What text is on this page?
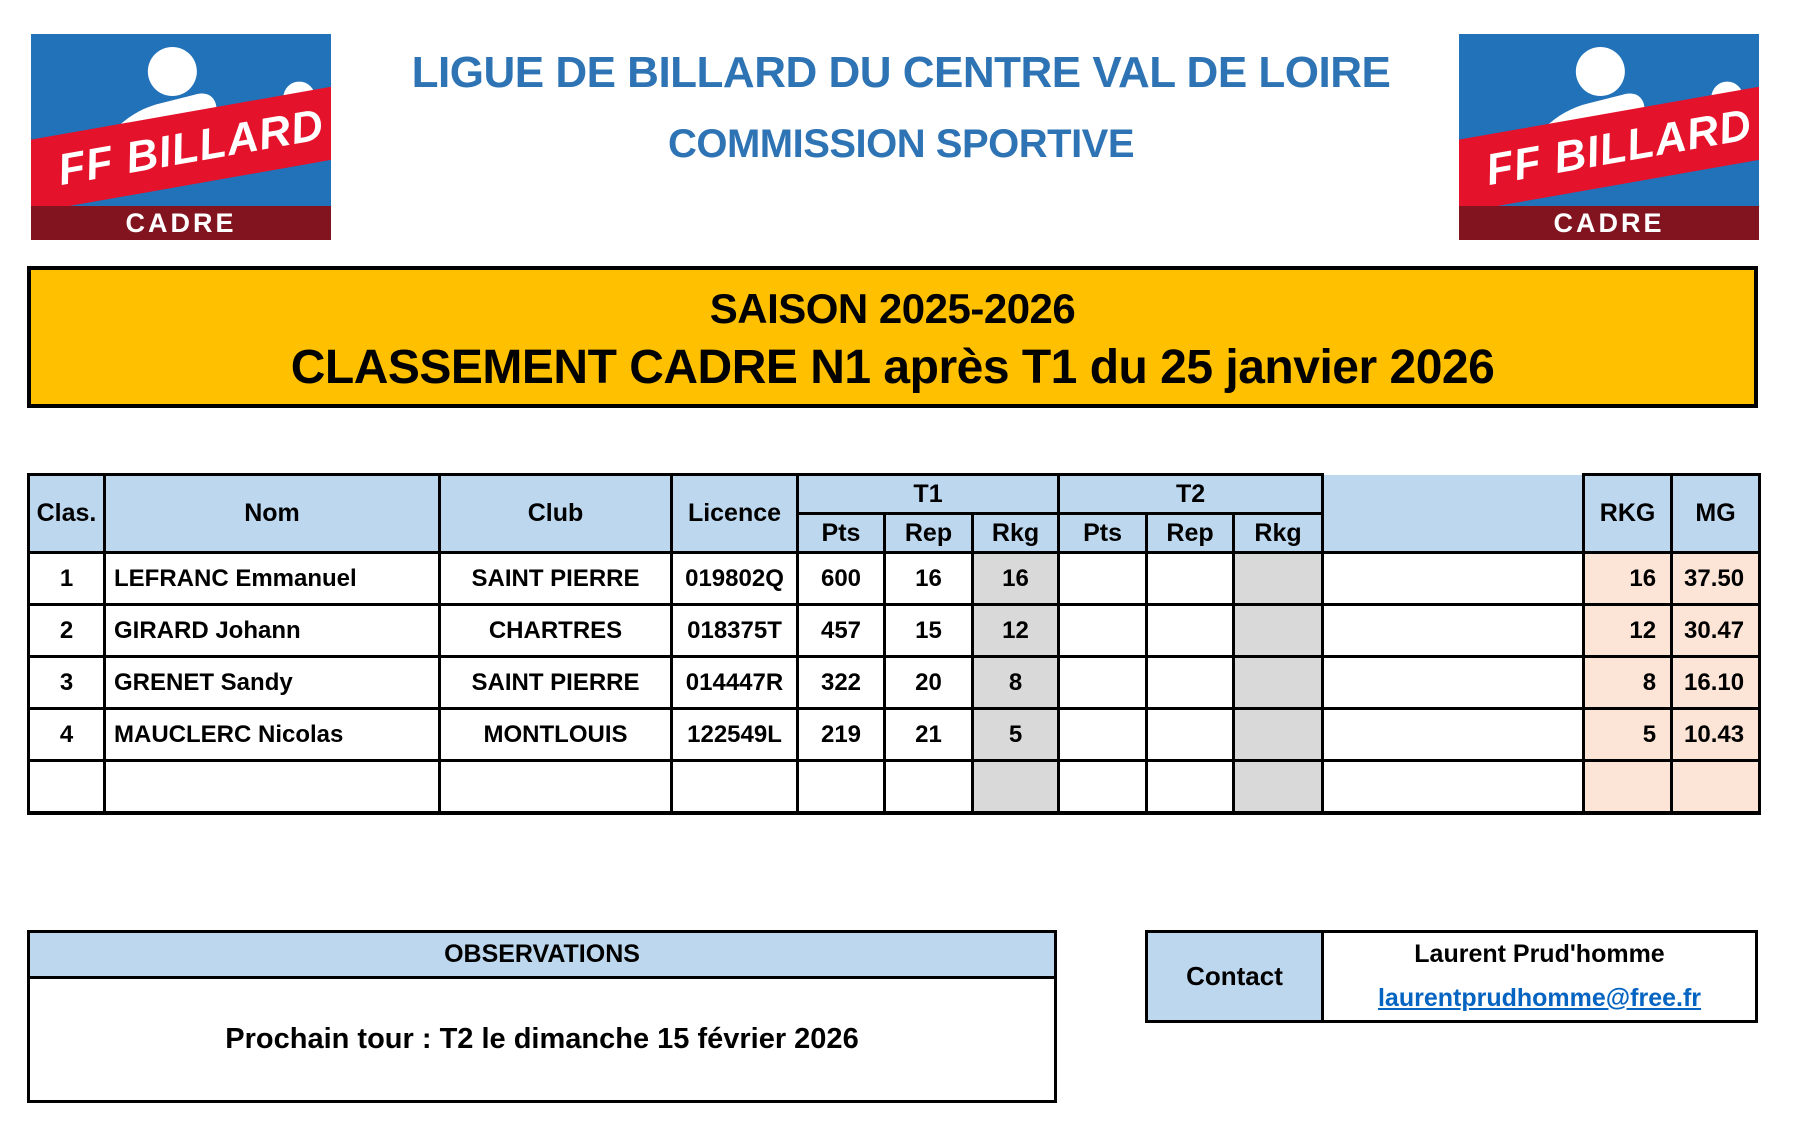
FF BILLARD
CADRE
FF BILLARD
CADRE
LIGUE DE BILLARD DU CENTRE VAL DE LOIRE
COMMISSION SPORTIVE
SAISON 2025-2026
CLASSEMENT CADRE N1 après T1 du 25 janvier 2026
Clas.	Nom	Club	Licence	T1			T2				RKG	MG
				Pts	Rep	Rkg	Pts	Rep	Rkg			
1	LEFRANC Emmanuel	SAINT PIERRE	019802Q	600	16	16					16	37.50
2	GIRARD Johann	CHARTRES	018375T	457	15	12					12	30.47
3	GRENET Sandy	SAINT PIERRE	014447R	322	20	8					8	16.10
4	MAUCLERC Nicolas	MONTLOUIS	122549L	219	21	5					5	10.43

OBSERVATIONS
Prochain tour : T2 le dimanche 15 février 2026
Contact
Laurent Prud'homme
laurentprudhomme@free.fr
